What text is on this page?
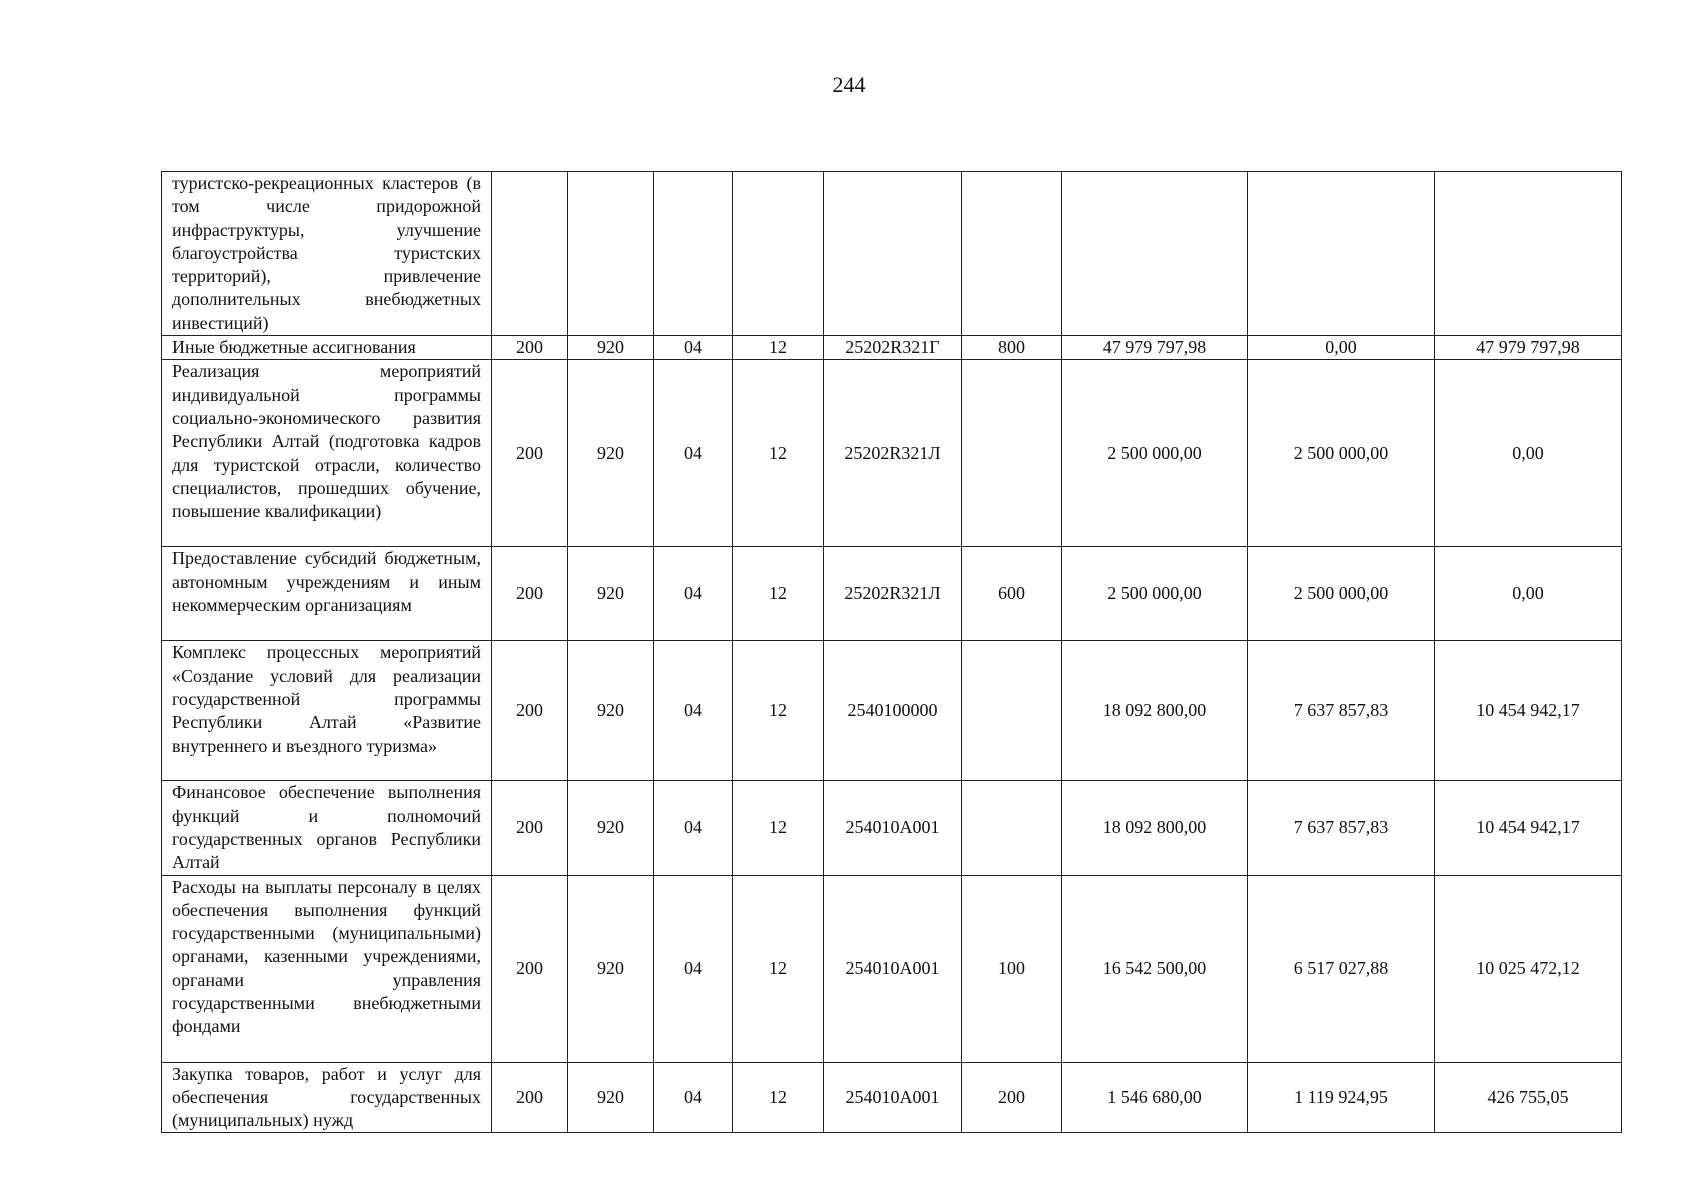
244
туристско-рекреационных кластеров (в том числе придорожной инфраструктуры, улучшение благоустройства туристских территорий), привлечение дополнительных внебюджетных инвестиций)									
Иные бюджетные ассигнования	200	920	04	12	25202R321Г	800	47 979 797,98	0,00	47 979 797,98
Реализация мероприятий индивидуальной программы социально-экономического развития Республики Алтай (подготовка кадров для туристской отрасли, количество специалистов, прошедших обучение, повышение квалификации)	200	920	04	12	25202R321Л		2 500 000,00	2 500 000,00	0,00
Предоставление субсидий бюджетным, автономным учреждениям и иным некоммерческим организациям	200	920	04	12	25202R321Л	600	2 500 000,00	2 500 000,00	0,00
Комплекс процессных мероприятий «Создание условий для реализации государственной программы Республики Алтай «Развитие внутреннего и въездного туризма»	200	920	04	12	2540100000		18 092 800,00	7 637 857,83	10 454 942,17
Финансовое обеспечение выполнения функций и полномочий государственных органов Республики Алтай	200	920	04	12	254010А001		18 092 800,00	7 637 857,83	10 454 942,17
Расходы на выплаты персоналу в целях обеспечения выполнения функций государственными (муниципальными) органами, казенными учреждениями, органами управления государственными внебюджетными фондами	200	920	04	12	254010А001	100	16 542 500,00	6 517 027,88	10 025 472,12
Закупка товаров, работ и услуг для обеспечения государственных (муниципальных) нужд	200	920	04	12	254010А001	200	1 546 680,00	1 119 924,95	426 755,05
